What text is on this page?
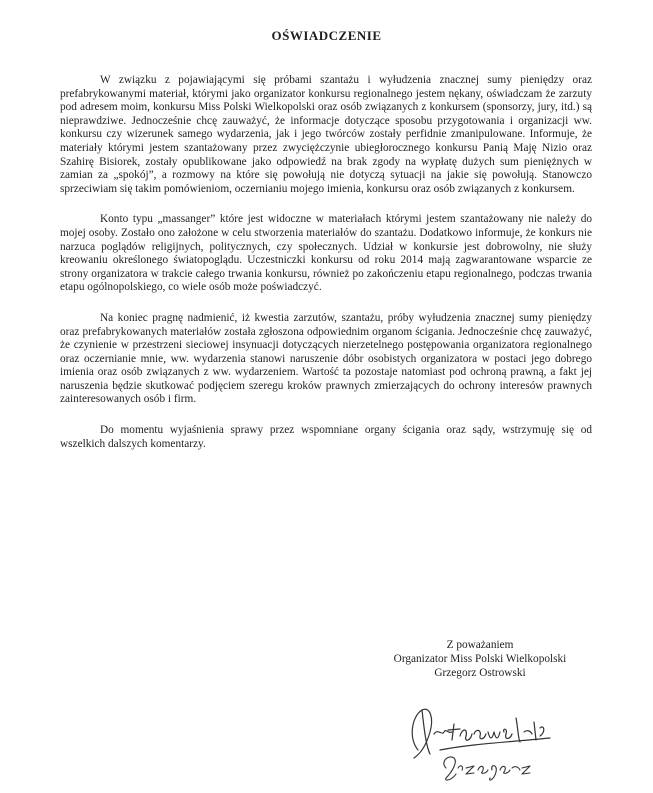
OŚWIADCZENIE

W związku z pojawiającymi się próbami szantażu i wyłudzenia znacznej sumy pieniędzy oraz prefabrykowanymi materiał, którymi jako organizator konkursu regionalnego jestem nękany, oświadczam że zarzuty pod adresem moim, konkursu Miss Polski Wielkopolski oraz osób związanych z konkursem (sponsorzy, jury, itd.) są nieprawdziwe. Jednocześnie chcę zauważyć, że informacje dotyczące sposobu przygotowania i organizacji ww. konkursu czy wizerunek samego wydarzenia, jak i jego twórców zostały perfidnie zmanipulowane. Informuje, że materiały którymi jestem szantażowany przez zwyciężczynie ubiegłorocznego konkursu Panią Maję Nizio oraz Szahirę Bisiorek, zostały opublikowane jako odpowiedź na brak zgody na wypłatę dużych sum pieniężnych w zamian za „spokój”, a rozmowy na które się powołują nie dotyczą sytuacji na jakie się powołują. Stanowczo sprzeciwiam się takim pomówieniom, oczernianiu mojego imienia, konkursu oraz osób związanych z konkursem.

Konto typu „massanger” które jest widoczne w materiałach którymi jestem szantażowany nie należy do mojej osoby. Zostało ono założone w celu stworzenia materiałów do szantażu. Dodatkowo informuje, że konkurs nie narzuca poglądów religijnych, politycznych, czy społecznych. Udział w konkursie jest dobrowolny, nie służy kreowaniu określonego światopoglądu. Uczestniczki konkursu od roku 2014 mają zagwarantowane wsparcie ze strony organizatora w trakcie całego trwania konkursu, również po zakończeniu etapu regionalnego, podczas trwania etapu ogólnopolskiego, co wiele osób może poświadczyć.

Na koniec pragnę nadmienić, iż kwestia zarzutów, szantażu, próby wyłudzenia znacznej sumy pieniędzy oraz prefabrykowanych materiałów została zgłoszona odpowiednim organom ścigania. Jednocześnie chcę zauważyć, że czynienie w przestrzeni sieciowej insynuacji dotyczących nierzetelnego postępowania organizatora regionalnego oraz oczernianie mnie, ww. wydarzenia stanowi naruszenie dóbr osobistych organizatora w postaci jego dobrego imienia oraz osób związanych z ww. wydarzeniem. Wartość ta pozostaje natomiast pod ochroną prawną, a fakt jej naruszenia będzie skutkować podjęciem szeregu kroków prawnych zmierzających do ochrony interesów prawnych zainteresowanych osób i firm.

Do momentu wyjaśnienia sprawy przez wspomniane organy ścigania oraz sądy, wstrzymuję się od wszelkich dalszych komentarzy.

Z poważaniem
Organizator Miss Polski Wielkopolski
Grzegorz Ostrowski
